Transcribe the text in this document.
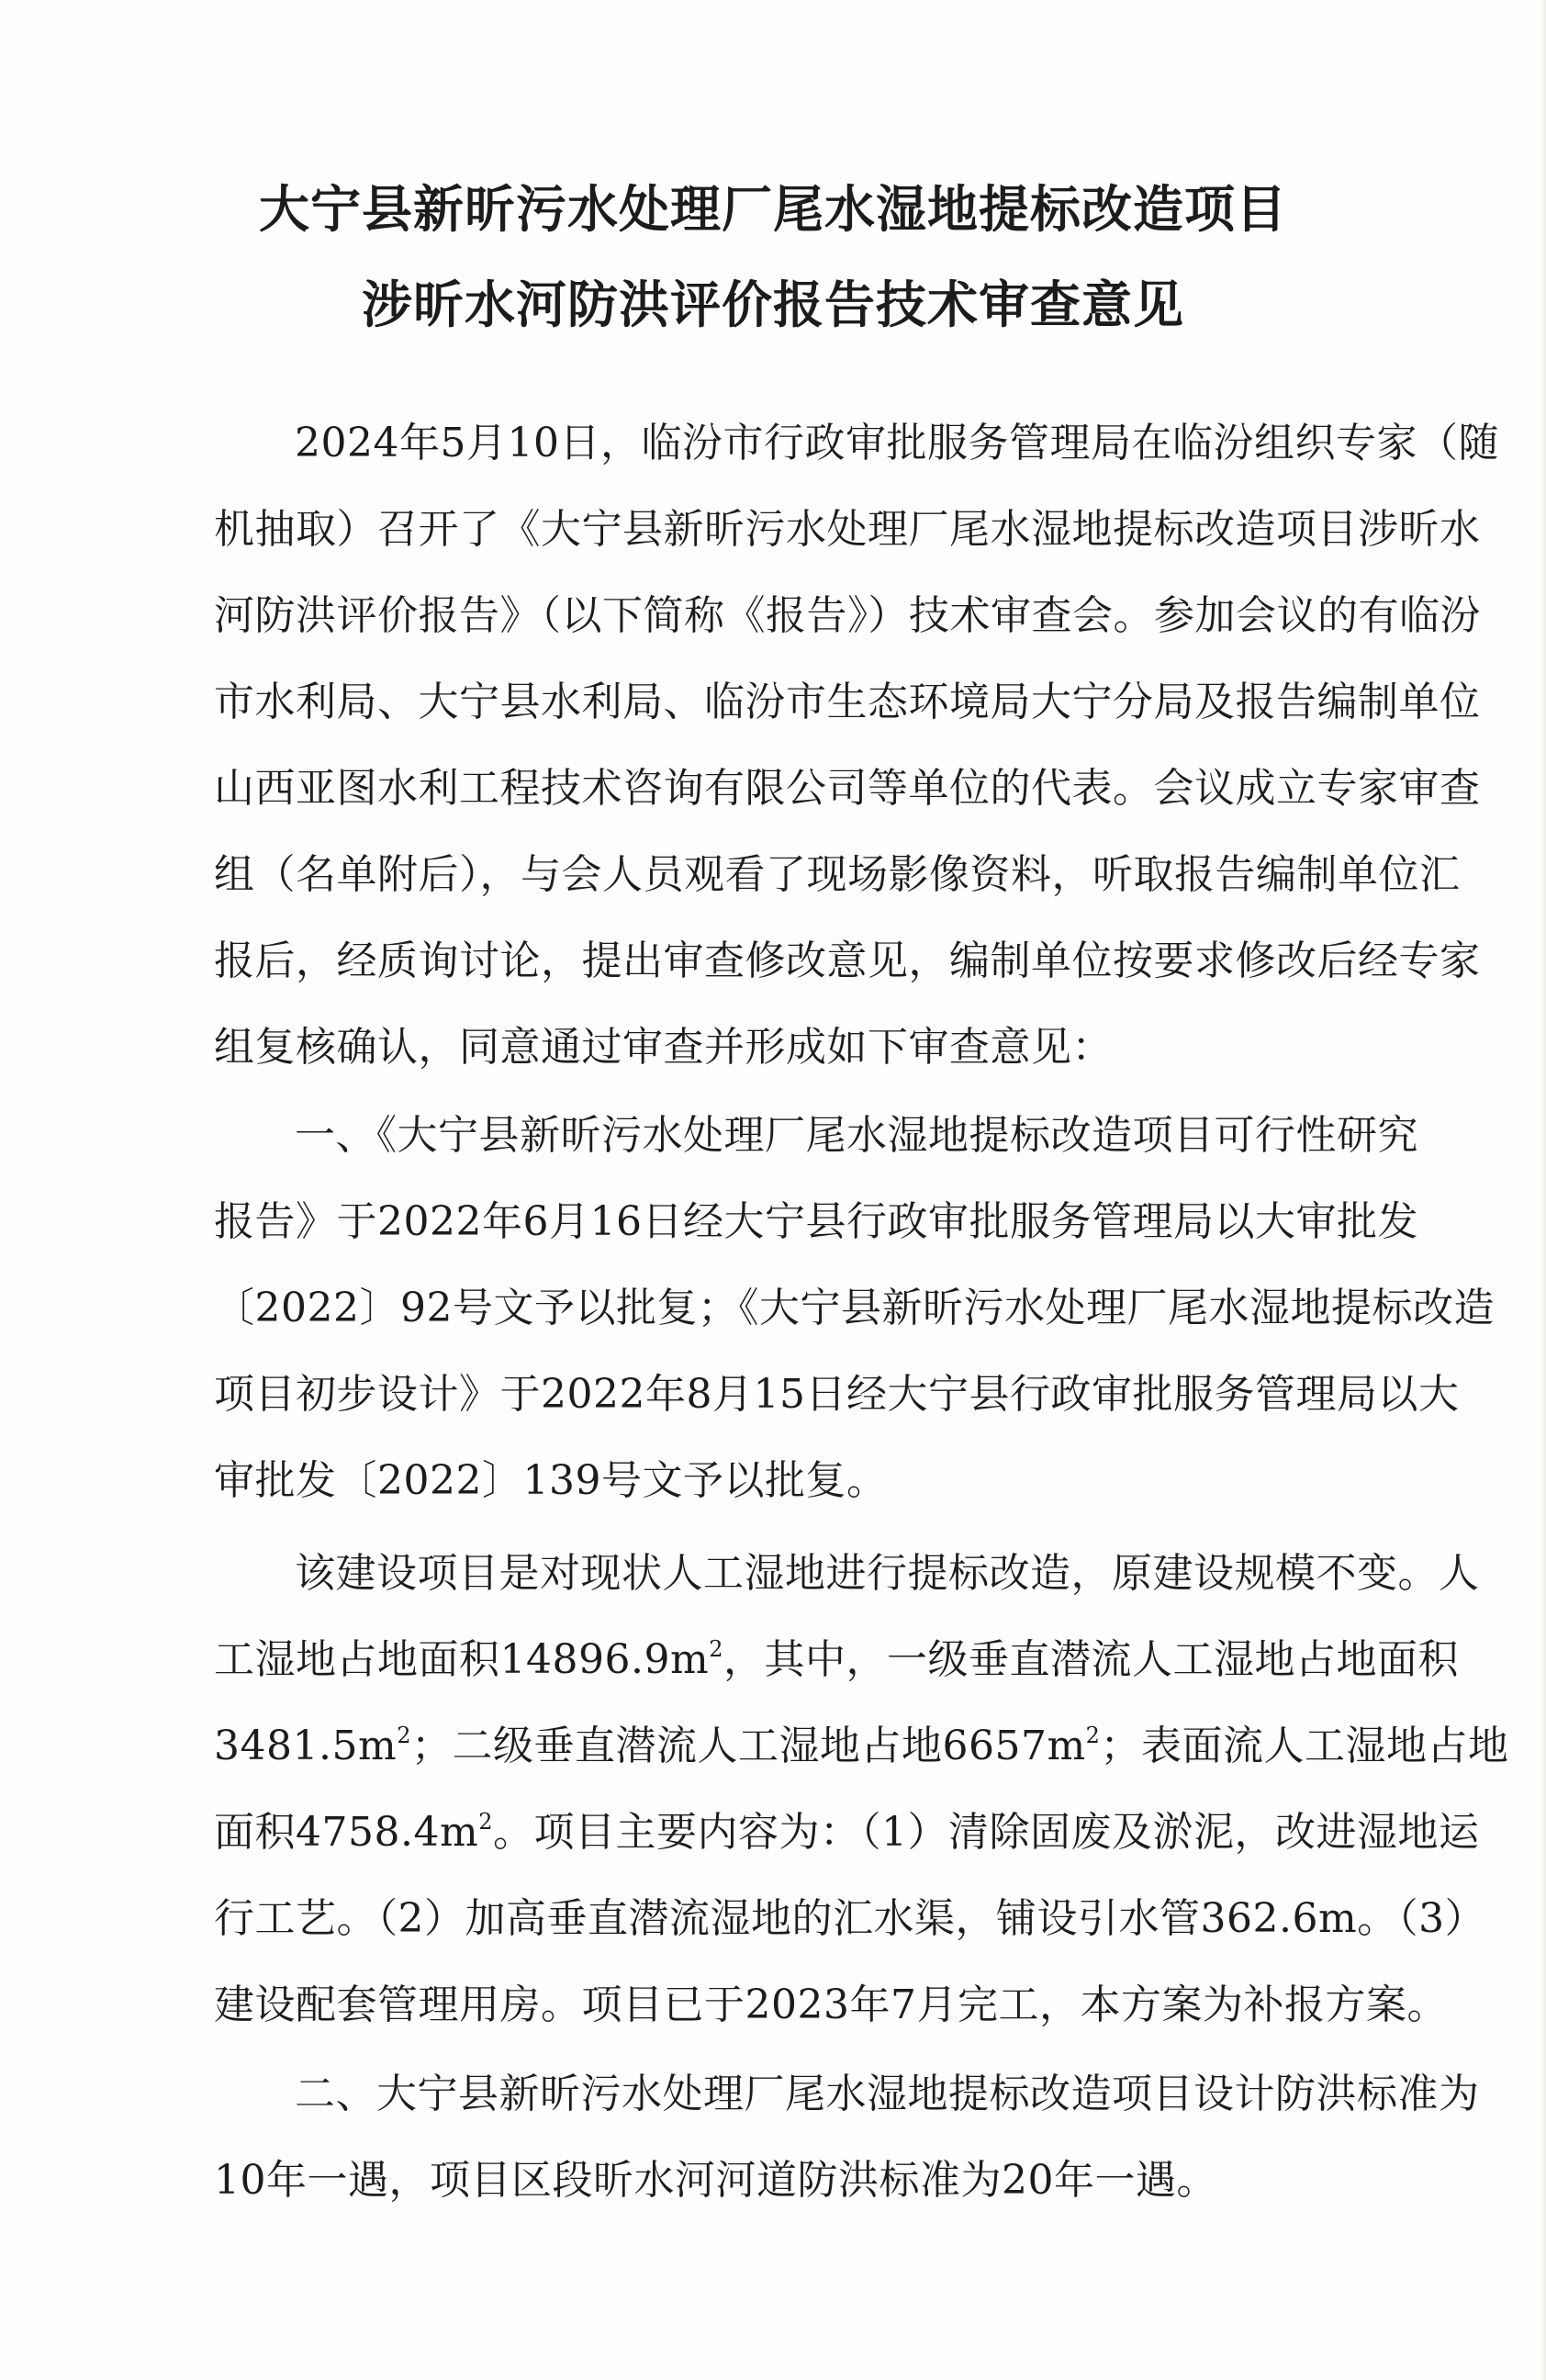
大宁县新昕污水处理厂尾水湿地提标改造项目
涉昕水河防洪评价报告技术审查意见
2024年5月10日，临汾市行政审批服务管理局在临汾组织专家（随
机抽取）召开了《大宁县新昕污水处理厂尾水湿地提标改造项目涉昕水
河防洪评价报告》（以下简称《报告》）技术审查会。参加会议的有临汾
市水利局、大宁县水利局、临汾市生态环境局大宁分局及报告编制单位
山西亚图水利工程技术咨询有限公司等单位的代表。会议成立专家审查
组（名单附后），与会人员观看了现场影像资料，听取报告编制单位汇
报后，经质询讨论，提出审查修改意见，编制单位按要求修改后经专家
组复核确认，同意通过审查并形成如下审查意见：
一、《大宁县新昕污水处理厂尾水湿地提标改造项目可行性研究
报告》于2022年6月16日经大宁县行政审批服务管理局以大审批发
〔2022〕92号文予以批复；《大宁县新昕污水处理厂尾水湿地提标改造
项目初步设计》于2022年8月15日经大宁县行政审批服务管理局以大
审批发〔2022〕139号文予以批复。
该建设项目是对现状人工湿地进行提标改造，原建设规模不变。人
工湿地占地面积$14896.9m^2$，其中，一级垂直潜流人工湿地占地面积
$3481.5m^2$；二级垂直潜流人工湿地占地$6657m^2$；表面流人工湿地占地
面积$4758.4m^2$。项目主要内容为：（1）清除固废及淤泥，改进湿地运
行工艺。（2）加高垂直潜流湿地的汇水渠，铺设引水管362.6m。（3）
建设配套管理用房。项目已于2023年7月完工，本方案为补报方案。
二、大宁县新昕污水处理厂尾水湿地提标改造项目设计防洪标准为
10年一遇，项目区段昕水河河道防洪标准为20年一遇。
